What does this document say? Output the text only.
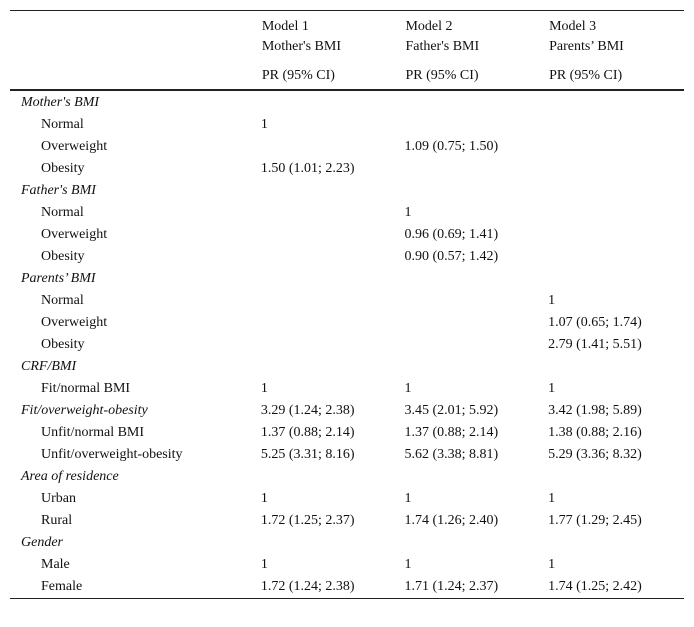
	Model 1	Model 2	Model 3
	Mother's BMI	Father's BMI	Parents’ BMI
	PR (95% CI)	PR (95% CI)	PR (95% CI)
Mother's BMI			
Normal	1		
Overweight		1.09 (0.75; 1.50)	
Obesity	1.50 (1.01; 2.23)		
Father's BMI			
Normal		1	
Overweight		0.96 (0.69; 1.41)	
Obesity		0.90 (0.57; 1.42)	
Parents’ BMI			
Normal			1
Overweight			1.07 (0.65; 1.74)
Obesity			2.79 (1.41; 5.51)
CRF/BMI			
Fit/normal BMI	1	1	1
Fit/overweight-obesity	3.29 (1.24; 2.38)	3.45 (2.01; 5.92)	3.42 (1.98; 5.89)
Unfit/normal BMI	1.37 (0.88; 2.14)	1.37 (0.88; 2.14)	1.38 (0.88; 2.16)
Unfit/overweight-obesity	5.25 (3.31; 8.16)	5.62 (3.38; 8.81)	5.29 (3.36; 8.32)
Area of residence			
Urban	1	1	1
Rural	1.72 (1.25; 2.37)	1.74 (1.26; 2.40)	1.77 (1.29; 2.45)
Gender			
Male	1	1	1
Female	1.72 (1.24; 2.38)	1.71 (1.24; 2.37)	1.74 (1.25; 2.42)
